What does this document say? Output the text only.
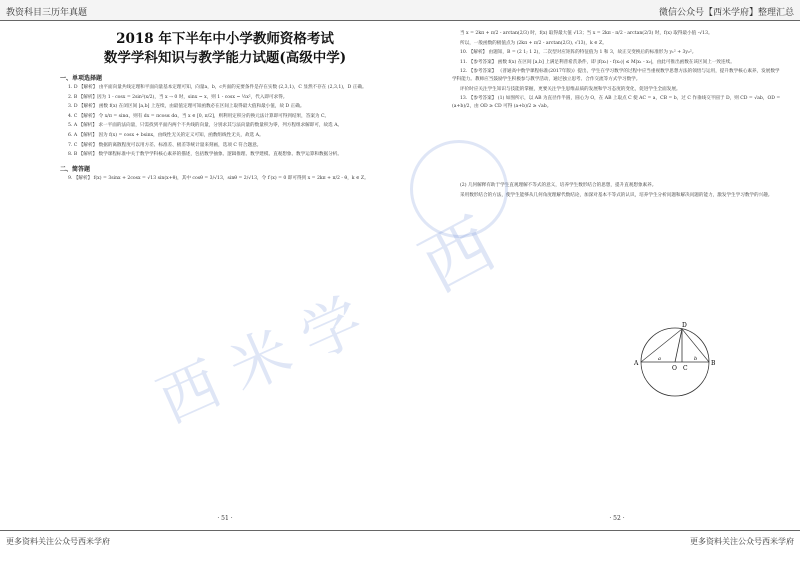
教资科目三历年真题	微信公众号【西米学府】整理汇总
2018 年下半年中小学教师资格考试
数学学科知识与教学能力试题(高级中学)
一、单项选择题

1. D 【解析】 由平面向量共线定理和平面向量基本定理可知，向量a，b，c共面的充要条件是存在实数 (2,3,1)，C 显然不存在 (2,3,1)，D 正确。

2. B 【解析】因为 1 - cosx = 2sin²(x/2)，当 x → 0 时，sinx ~ x，则 1 - cosx ~ ½x²，代入即可求得。

3. D 【解析】 函数 f(x) 在闭区间 [a,b] 上连续，由最值定理可知函数必在区间上取得最大值和最小值，故 D 正确。

4. C 【解析】 令 x/π = sinα，则有 dx = πcosα dα，当 x ∈ [0, π/2]，则利用定积分的换元法计算即可得到结果，答案为 C。

5. A 【解析】 求一平面的法向量，只需找到平面内两个不共线的向量，分别求其与法向量的数量积为零，列方程组求解即可，故选 A。

6. A 【解析】 因为 f(x) = cosx + bsinx，由线性无关的定义可知，函数组线性无关，故选 A。

7. C 【解析】 数据的离散程度可以用方差、标准差、极差等统计量来刻画，选项 C 符合题意。

8. B 【解析】 数学课程标准中关于数学学科核心素养的描述，包括数学抽象、逻辑推理、数学建模、直观想象、数学运算和数据分析。

二、简答题

9. 【解析】 f(x) = 3sinx + 2cosx = √13 sin(x+θ)，其中 cosθ = 3/√13，sinθ = 2/√13，令 f′(x) = 0 即可得到 x = 2kπ + π/2 - θ，k ∈ Z。

· 51 ·

当 x = 2kπ + π/2 - arctan(2/3) 时，f(x) 取得最大值 √13；当 x = 2kπ - π/2 - arctan(2/3) 时，f(x) 取得最小值 -√13。

所以，一般函数的极值点为 (2kπ + π/2 - arctan(2/3), √13)，k ∈ Z。

10. 【解析】 由题知，B = (2 1; 1 2)，二次型对应矩阵的特征值为 1 和 3，故正交变换后的标准形为 y₁² + 3y₂²。

11. 【参考答案】 函数 f(x) 在区间 [a,b] 上满足利普希茨条件，即 |f(x₁) - f(x₂)| ≤ M|x₁ - x₂|，由此可推出函数在该区间上一致连续。

12. 【参考答案】 《普通高中数学课程标准(2017年版)》提出，学生在学习数学的过程中应当重视数学思想方法的领悟与运用，提升数学核心素养，发展数学学科能力。教师应当鼓励学生积极参与教学活动，通过独立思考、合作交流等方式学习数学。

评价时应关注学生知识与技能的掌握，更要关注学生思维品质的发展和学习态度的变化，促进学生全面发展。

13. 【参考答案】 (1) 如图所示，以 AB 为直径作半圆，圆心为 O，在 AB 上取点 C 使 AC = a，CB = b，过 C 作垂线交半圆于 D，则 CD = √ab，OD = (a+b)/2，由 OD ≥ CD 可得 (a+b)/2 ≥ √ab。

(2) 几何解释有助于学生直观理解不等式的意义，培养学生数形结合的思想，提升直观想象素养。

采用数形结合的方法，使学生能够从几何角度理解代数结论，加深对基本不等式的认识，培养学生分析问题和解决问题的能力，激发学生学习数学的兴趣。

· 52 ·
A	B
C
D
O
a	b
西米学
西
更多资料关注公众号西米学府	更多资料关注公众号西米学府
